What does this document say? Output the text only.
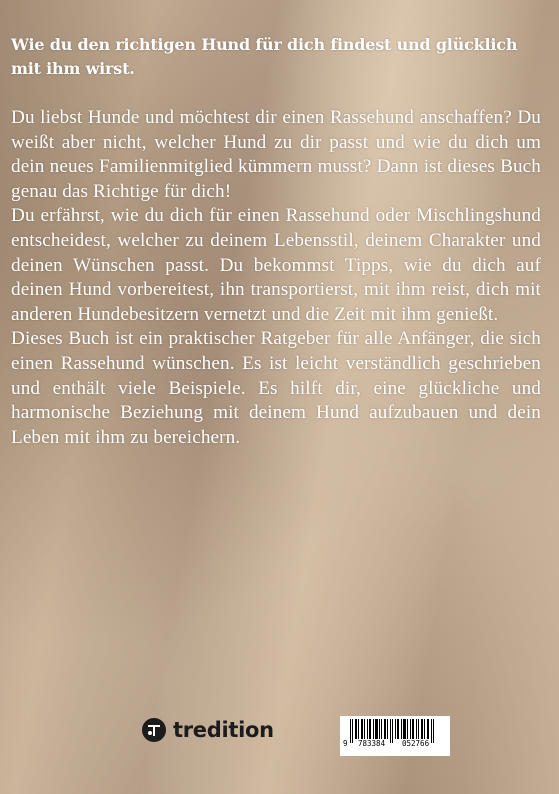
Wie du den richtigen Hund für dich findest und glücklich mit ihm wirst.

Du liebst Hunde und möchtest dir einen Rassehund anschaffen? Du weißt aber nicht, welcher Hund zu dir passt und wie du dich um dein neues Familienmitglied kümmern musst? Dann ist dieses Buch genau das Richtige für dich!

Du erfährst, wie du dich für einen Rassehund oder Mischlingshund entscheidest, welcher zu deinem Lebensstil, deinem Charakter und deinen Wünschen passt. Du bekommst Tipps, wie du dich auf deinen Hund vorbereitest, ihn transportierst, mit ihm reist, dich mit anderen Hundebesitzern vernetzt und die Zeit mit ihm genießt.

Dieses Buch ist ein praktischer Ratgeber für alle Anfänger, die sich einen Rassehund wünschen. Es ist leicht verständlich geschrieben und enthält viele Beispiele. Es hilft dir, eine glückliche und harmonische Beziehung mit deinem Hund aufzubauen und dein Leben mit ihm zu bereichern.

tredition
9 783384 052766
